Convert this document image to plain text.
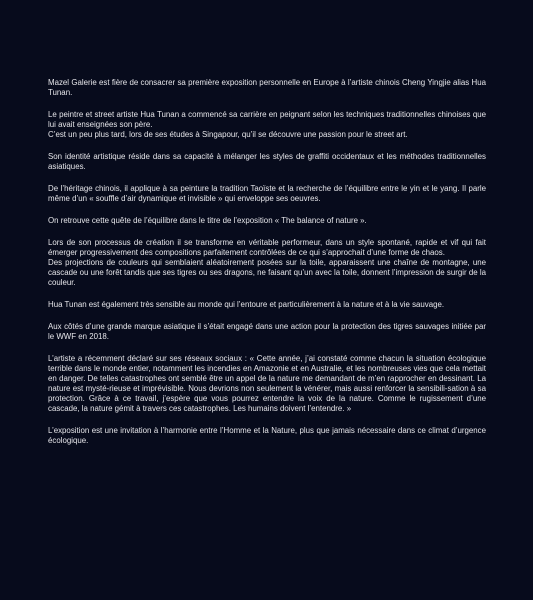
Mazel Galerie est fière de consacrer sa première exposition personnelle en Europe à l’artiste chinois Cheng Yingjie alias Hua Tunan.

Le peintre et street artiste Hua Tunan a commencé sa carrière en peignant selon les techniques traditionnelles chinoises que lui avait enseignées son père.
C’est un peu plus tard, lors de ses études à Singapour, qu’il se découvre une passion pour le street art.

Son identité artistique réside dans sa capacité à mélanger les styles de graffiti occidentaux et les méthodes traditionnelles asiatiques.

De l’héritage chinois, il applique à sa peinture la tradition Taoïste et la recherche de l’équilibre entre le yin et le yang. Il parle même d’un « souffle d’air dynamique et invisible » qui enveloppe ses oeuvres.

On retrouve cette quête de l’équilibre dans le titre de l’exposition « The balance of nature ».

Lors de son processus de création il se transforme en véritable performeur, dans un style spontané, rapide et vif qui fait émerger progressivement des compositions parfaitement contrôlées de ce qui s’approchait d’une forme de chaos.
Des projections de couleurs qui semblaient aléatoirement posées sur la toile, apparaissent une chaîne de montagne, une cascade ou une forêt tandis que ses tigres ou ses dragons, ne faisant qu’un avec la toile, donnent l’impression de surgir de la couleur.

Hua Tunan est également très sensible au monde qui l’entoure et particulièrement à la nature et à la vie sauvage.

Aux côtés d’une grande marque asiatique il s’était engagé dans une action pour la protection des tigres sauvages initiée par le WWF en 2018.

L’artiste a récemment déclaré sur ses réseaux sociaux : « Cette année, j’ai constaté comme chacun la situation écologique terrible dans le monde entier, notamment les incendies en Amazonie et en Australie, et les nombreuses vies que cela mettait en danger. De telles catastrophes ont semblé être un appel de la nature me demandant de m’en rapprocher en dessinant. La nature est mysté-rieuse et imprévisible. Nous devrions non seulement la vénérer, mais aussi renforcer la sensibili-sation à sa protection. Grâce à ce travail, j’espère que vous pourrez entendre la voix de la nature. Comme le rugissement d’une cascade, la nature gémit à travers ces catastrophes. Les humains doivent l’entendre. »

L’exposition est une invitation à l’harmonie entre l’Homme et la Nature, plus que jamais nécessaire dans ce climat d’urgence écologique.
